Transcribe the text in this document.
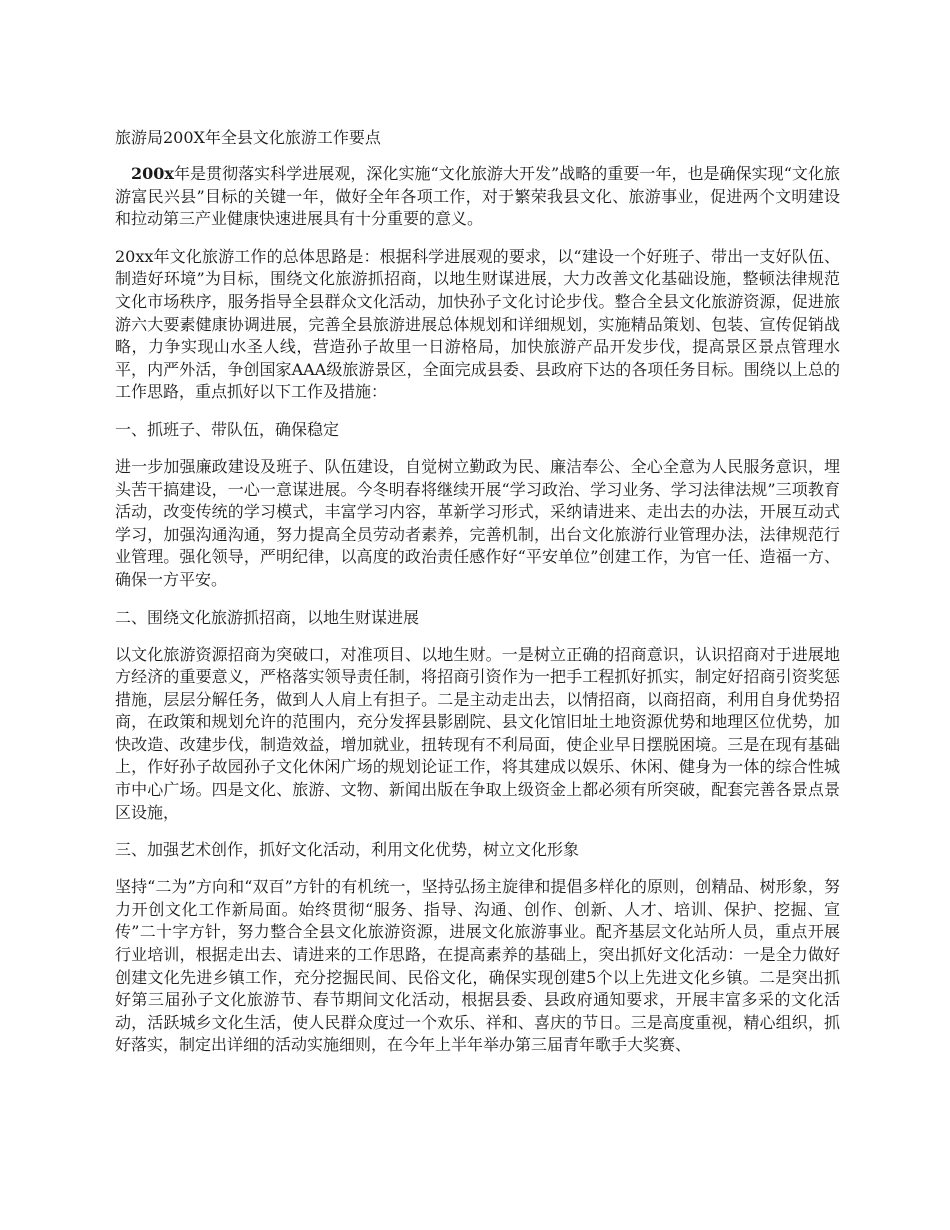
旅游局200X年全县文化旅游工作要点

200x年是贯彻落实科学进展观，深化实施“文化旅游大开发”战略的重要一年，也是确保实现“文化旅游富民兴县”目标的关键一年，做好全年各项工作，对于繁荣我县文化、旅游事业，促进两个文明建设和拉动第三产业健康快速进展具有十分重要的意义。

20xx年文化旅游工作的总体思路是：根据科学进展观的要求，以“建设一个好班子、带出一支好队伍、制造好环境”为目标，围绕文化旅游抓招商，以地生财谋进展，大力改善文化基础设施，整顿法律规范文化市场秩序，服务指导全县群众文化活动，加快孙子文化讨论步伐。整合全县文化旅游资源，促进旅游六大要素健康协调进展，完善全县旅游进展总体规划和详细规划，实施精品策划、包装、宣传促销战略，力争实现山水圣人线，营造孙子故里一日游格局，加快旅游产品开发步伐，提高景区景点管理水平，内严外活，争创国家AAA级旅游景区，全面完成县委、县政府下达的各项任务目标。围绕以上总的工作思路，重点抓好以下工作及措施：

一、抓班子、带队伍，确保稳定

进一步加强廉政建设及班子、队伍建设，自觉树立勤政为民、廉洁奉公、全心全意为人民服务意识，埋头苦干搞建设，一心一意谋进展。今冬明春将继续开展“学习政治、学习业务、学习法律法规”三项教育活动，改变传统的学习模式，丰富学习内容，革新学习形式，采纳请进来、走出去的办法，开展互动式学习，加强沟通沟通，努力提高全员劳动者素养，完善机制，出台文化旅游行业管理办法，法律规范行业管理。强化领导，严明纪律，以高度的政治责任感作好“平安单位”创建工作，为官一任、造福一方、确保一方平安。

二、围绕文化旅游抓招商，以地生财谋进展

以文化旅游资源招商为突破口，对准项目、以地生财。一是树立正确的招商意识，认识招商对于进展地方经济的重要意义，严格落实领导责任制，将招商引资作为一把手工程抓好抓实，制定好招商引资奖惩措施，层层分解任务，做到人人肩上有担子。二是主动走出去，以情招商，以商招商，利用自身优势招商，在政策和规划允许的范围内，充分发挥县影剧院、县文化馆旧址土地资源优势和地理区位优势，加快改造、改建步伐，制造效益，增加就业，扭转现有不利局面，使企业早日摆脱困境。三是在现有基础上，作好孙子故园孙子文化休闲广场的规划论证工作，将其建成以娱乐、休闲、健身为一体的综合性城市中心广场。四是文化、旅游、文物、新闻出版在争取上级资金上都必须有所突破，配套完善各景点景区设施，

三、加强艺术创作，抓好文化活动，利用文化优势，树立文化形象

坚持“二为”方向和“双百”方针的有机统一，坚持弘扬主旋律和提倡多样化的原则，创精品、树形象，努力开创文化工作新局面。始终贯彻“服务、指导、沟通、创作、创新、人才、培训、保护、挖掘、宣传”二十字方针，努力整合全县文化旅游资源，进展文化旅游事业。配齐基层文化站所人员，重点开展行业培训，根据走出去、请进来的工作思路，在提高素养的基础上，突出抓好文化活动：一是全力做好创建文化先进乡镇工作，充分挖掘民间、民俗文化，确保实现创建5个以上先进文化乡镇。二是突出抓好第三届孙子文化旅游节、春节期间文化活动，根据县委、县政府通知要求，开展丰富多采的文化活动，活跃城乡文化生活，使人民群众度过一个欢乐、祥和、喜庆的节日。三是高度重视，精心组织，抓好落实，制定出详细的活动实施细则，在今年上半年举办第三届青年歌手大奖赛、
